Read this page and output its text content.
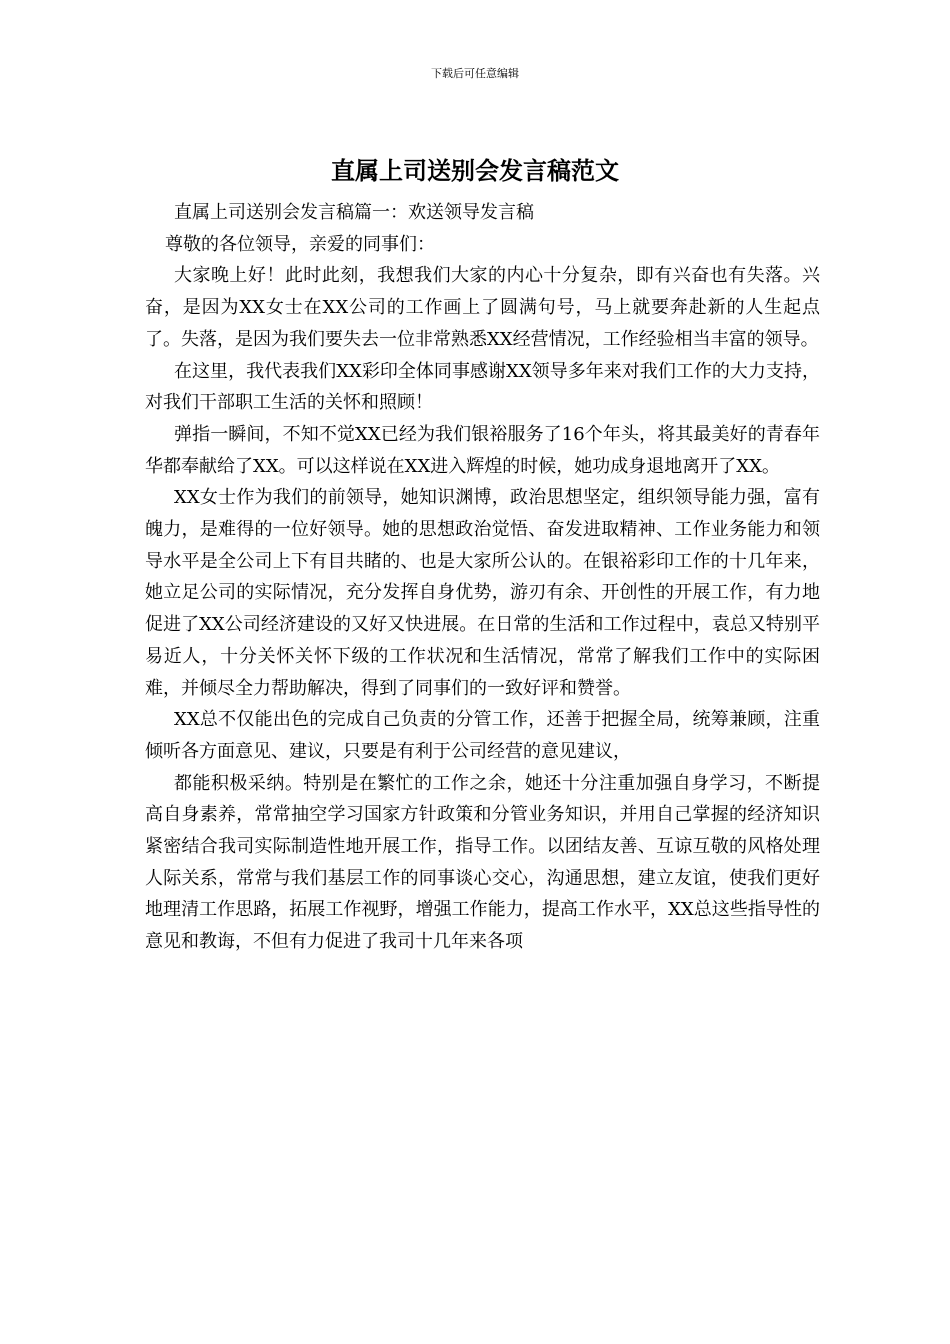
下载后可任意编辑
直属上司送别会发言稿范文

直属上司送别会发言稿篇一：欢送领导发言稿

尊敬的各位领导，亲爱的同事们：

大家晚上好！此时此刻，我想我们大家的内心十分复杂，即有兴奋也有失落。兴奋，是因为XX女士在XX公司的工作画上了圆满句号，马上就要奔赴新的人生起点了。失落，是因为我们要失去一位非常熟悉XX经营情况，工作经验相当丰富的领导。

在这里，我代表我们XX彩印全体同事感谢XX领导多年来对我们工作的大力支持，对我们干部职工生活的关怀和照顾！

弹指一瞬间，不知不觉XX已经为我们银裕服务了16个年头，将其最美好的青春年华都奉献给了XX。可以这样说在XX进入辉煌的时候，她功成身退地离开了XX。

XX女士作为我们的前领导，她知识渊博，政治思想坚定，组织领导能力强，富有魄力，是难得的一位好领导。她的思想政治觉悟、奋发进取精神、工作业务能力和领导水平是全公司上下有目共睹的、也是大家所公认的。在银裕彩印工作的十几年来，她立足公司的实际情况，充分发挥自身优势，游刃有余、开创性的开展工作，有力地促进了XX公司经济建设的又好又快进展。在日常的生活和工作过程中，袁总又特别平易近人，十分关怀关怀下级的工作状况和生活情况，常常了解我们工作中的实际困难，并倾尽全力帮助解决，得到了同事们的一致好评和赞誉。

XX总不仅能出色的完成自己负责的分管工作，还善于把握全局，统筹兼顾，注重倾听各方面意见、建议，只要是有利于公司经营的意见建议，

都能积极采纳。特别是在繁忙的工作之余，她还十分注重加强自身学习，不断提高自身素养，常常抽空学习国家方针政策和分管业务知识，并用自己掌握的经济知识紧密结合我司实际制造性地开展工作，指导工作。以团结友善、互谅互敬的风格处理人际关系，常常与我们基层工作的同事谈心交心，沟通思想，建立友谊，使我们更好地理清工作思路，拓展工作视野，增强工作能力，提高工作水平，XX总这些指导性的意见和教诲，不但有力促进了我司十几年来各项
